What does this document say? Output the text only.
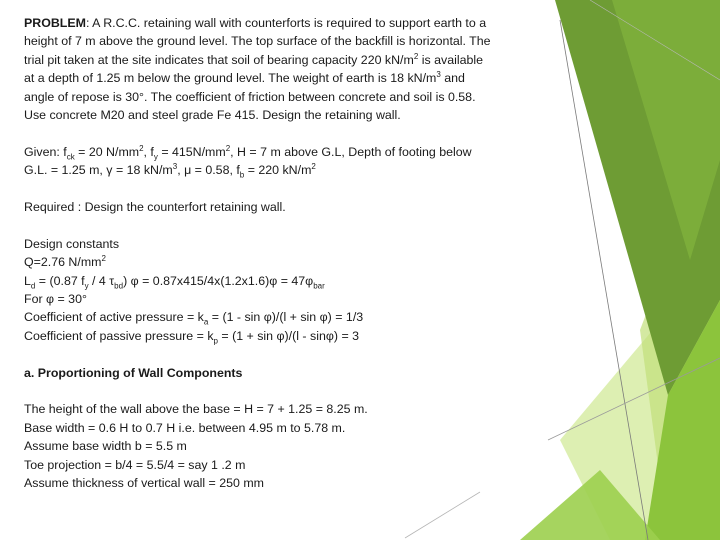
PROBLEM: A R.C.C. retaining wall with counterforts is required to support earth to a

height of 7 m above the ground level. The top surface of the backfill is horizontal. The

trial pit taken at the site indicates that soil of bearing capacity 220 $kN/m^2$ is available

at a depth of 1.25 m below the ground level. The weight of earth is 18 $kN/m^3$ and

angle of repose is 30°. The coefficient of friction between concrete and soil is 0.58.

Use concrete M20 and steel grade Fe 415. Design the retaining wall.

Given: $f_{ck} = 20$ $N/mm^2$, $f_y = 415N/mm^2$, H = 7 m above G.L, Depth of footing below

G.L. = 1.25 m, γ = 18 $kN/m^3$, μ = 0.58, $f_b = 220$ $kN/m^2$

Required : Design the counterfort retaining wall.

Design constants

Q=2.76 $N/mm^2$

$L_d = (0.87$ $f_y / 4$ $\tau_{bd}$) $\varphi = 0.87x415/4x(1.2x1.6)\varphi = 47\varphi_{bar}$

For φ = 30°

Coefficient of active pressure = $k_a = (1 - \sin \varphi)/(l + \sin \varphi) = 1/3$

Coefficient of passive pressure = $k_p = (1 + \sin \varphi)/(l - \sin\varphi) = 3$

a. Proportioning of Wall Components

The height of the wall above the base = H = 7 + 1.25 = 8.25 m.

Base width = 0.6 H to 0.7 H i.e. between 4.95 m to 5.78 m.

Assume base width b = 5.5 m

Toe projection = b/4 = 5.5/4 = say 1 .2 m

Assume thickness of vertical wall = 250 mm
